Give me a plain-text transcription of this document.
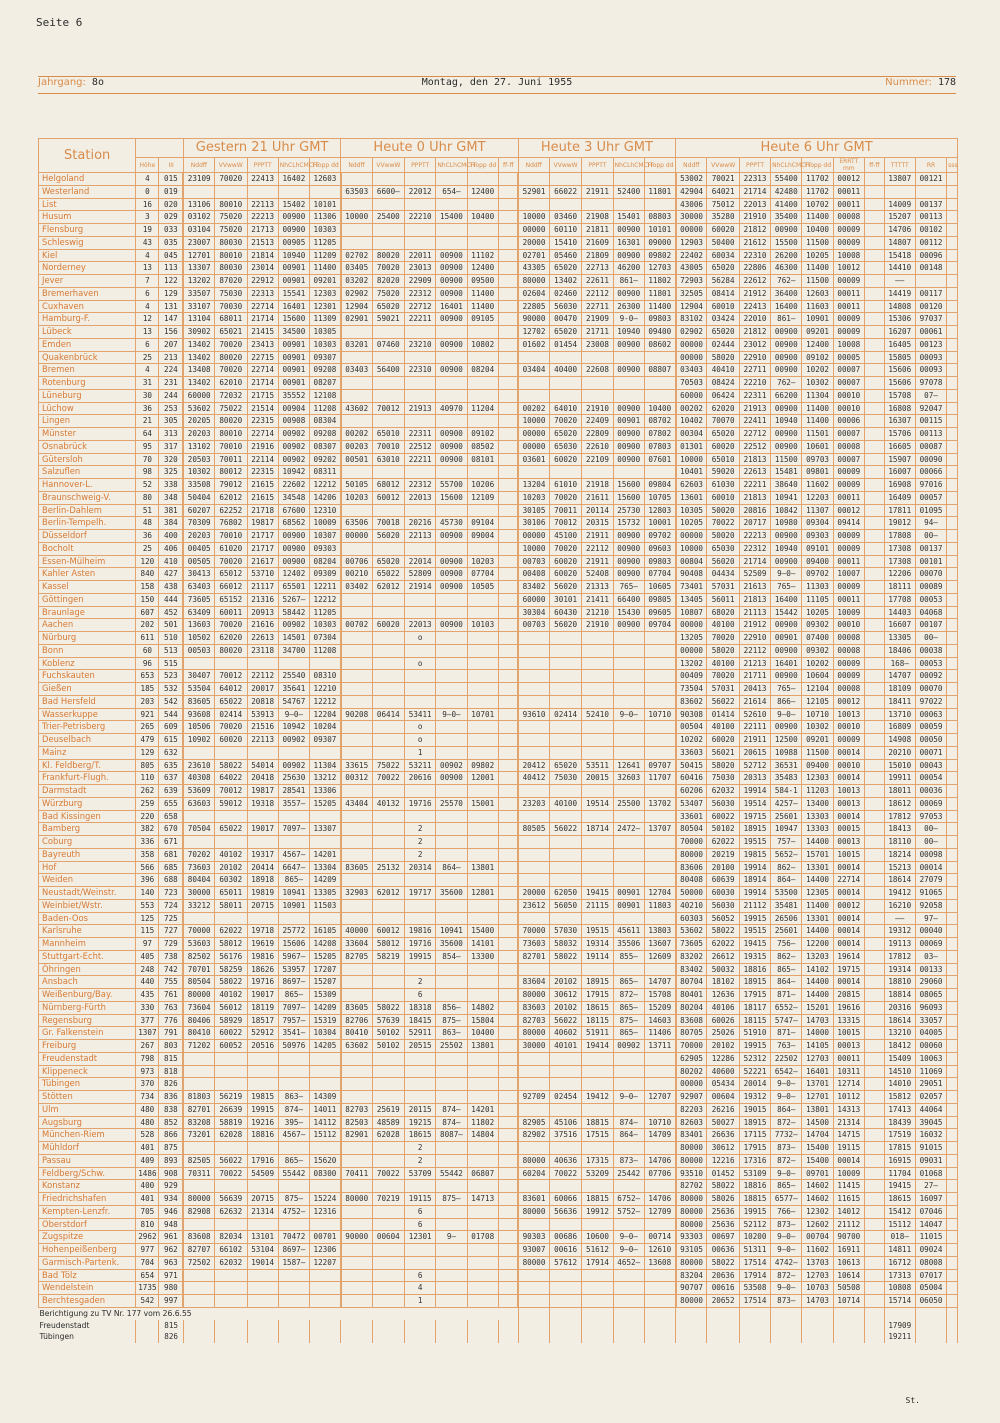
Seite 6
Jahrgang: 8o	Montag, den 27. Juni 1955	Nummer: 178
Station			Gestern 21 Uhr GMT					Heute 0 Uhr GMT						Heute 3 Uhr GMT					Heute 6 Uhr GMT									
	Höhe	III	Nddff	VVwwW	PPPTT	NhCLhCMCH	TTopp dd	Nddff	VVwwW	PPPTT	NhCLhCMCH	TTopp dd	ff-ff	Nddff	VVwwW	PPPTT	NhCLhCMCH	TTopp dd	Nddff	VVwwW	PPPTT	NhCLhCMCH	TTopp dd	ERRTT mm	ff-ff	TTTTT	RR	sss
Helgoland	4	015	23109	70020	22413	16402	12603												53002	70021	22313	55400	11702	00012		13807	00121	
Westerland	0	019						63503	6600—	22012	654—	12400		52901	66022	21911	52400	11801	42904	64021	21714	42480	11702	00011				
List	16	020	13106	80010	22113	15402	10101												43006	75012	22013	41400	10702	00011		14009	00137	
Husum	3	029	03102	75020	22213	00900	11306	10000	25400	22210	15400	10400		10000	03460	21908	15401	08803	30000	35280	21910	35400	11400	00008		15207	00113	
Flensburg	19	033	03104	75020	21713	00900	10303							00000	60110	21811	00900	10101	00000	60020	21812	00900	10400	00009		14706	00102	
Schleswig	43	035	23007	80030	21513	00905	11205							20000	15410	21609	16301	09000	12903	50400	21612	15500	11500	00009		14807	00112	
Kiel	4	045	12701	80010	21814	10940	11209	02702	80020	22011	00900	11102		02701	05460	21809	00900	09802	22402	60034	22310	26200	10205	10008		15418	00096	
Norderney	13	113	13307	80030	23014	00901	11400	03405	70020	23013	00900	12400		43305	65020	22713	46200	12703	43005	65020	22806	46300	11400	10012		14410	00148	
Jever	7	122	13202	87020	22912	00901	09201	03202	82020	22909	00900	09500		80000	13402	22611	861—	11802	72903	56284	22612	762—	11500	00009		——		
Bremerhaven	6	129	33507	75030	22313	15541	12303	02902	75020	22312	00900	11400		02604	02460	22112	00900	11801	32505	08414	21912	36400	12603	00011		14419	00117	
Cuxhaven	4	131	33107	70030	22714	16401	12301	12904	65020	22712	16401	11400		22805	56030	22711	26300	11400	12904	60010	22413	16400	11603	00011		14808	00120	
Hamburg-F.	12	147	13104	68011	21714	15600	11309	02901	59021	22211	00900	09105		90000	00470	21909	9-0—	09803	83102	03424	22010	861—	10901	00009		15306	97037	
Lübeck	13	156	30902	65021	21415	34500	10305							12702	65020	21711	10940	09400	02902	65020	21812	00900	09201	00009		16207	00061	
Emden	6	207	13402	70020	23413	00901	10303	03201	07460	23210	00900	10802		01602	01454	23008	00900	08602	00000	02444	23012	00900	12400	10008		16405	00123	
Quakenbrück	25	213	13402	80020	22715	00901	09307												00000	58020	22910	00900	09102	00005		15805	00093	
Bremen	4	224	13408	70020	22714	00901	09208	03403	56400	22310	00900	08204		03404	40400	22608	00900	08807	03403	40410	22711	00900	10202	00007		15606	00093	
Rotenburg	31	231	13402	62010	21714	00901	08207												70503	08424	22210	762—	10302	00007		15606	97078	
Lüneburg	30	244	60000	72032	21715	35552	12108												60000	06424	22311	66200	11304	00010		15708	07—	
Lüchow	36	253	53602	75022	21514	00904	11208	43602	70012	21913	40970	11204		00202	64010	21910	00900	10400	00202	62020	21913	00900	11400	00010		16808	92047	
Lingen	21	305	20205	80020	22315	00908	08304							10000	70020	22409	00901	08702	10402	70070	22411	10940	11400	00006		16307	00115	
Münster	64	313	20203	80010	22714	00902	09208	00202	65010	22311	00900	09102		00000	65020	22809	00900	07802	00304	65020	22712	00900	11501	00007		15706	00113	
Osnabrück	95	317	13102	70010	21916	00902	08307	00203	70010	22512	00900	08502		00000	65030	22610	00900	07803	01301	60020	22512	00900	10601	00008		16605	00087	
Gütersloh	70	320	20503	70011	22114	00902	09202	00501	63010	22211	00900	08101		03601	60020	22109	00900	07601	10000	65010	21813	11500	09703	00007		15907	00090	
Salzuflen	98	325	10302	80012	22315	10942	08311												10401	59020	22613	15481	09801	00009		16007	00066	
Hannover-L.	52	338	33508	79012	21615	22602	12212	50105	68012	22312	55700	10206		13204	61010	21918	15600	09804	62603	61030	22211	38640	11602	00009		16908	97016	
Braunschweig-V.	80	348	50404	62012	21615	34548	14206	10203	60012	22013	15600	12109		10203	70020	21611	15600	10705	13601	60010	21813	10941	12203	00011		16409	00057	
Berlin-Dahlem	51	381	60207	62252	21718	67600	12310							30105	70011	20114	25730	12803	10305	50020	20816	10842	11307	00012		17811	01095	
Berlin-Tempelh.	48	384	70309	76802	19817	68562	10009	63506	70018	20216	45730	09104		30106	70012	20315	15732	10001	10205	70022	20717	10980	09304	09414		19012	94—	
Düsseldorf	36	400	20203	70010	21717	00900	10307	00000	56020	22113	00900	09004		00000	45100	21911	00900	09702	00000	50020	22213	00900	09303	00009		17808	00—	
Bocholt	25	406	00405	61020	21717	00900	09303							10000	70020	22112	00900	09603	10000	65030	22312	10940	09101	00009		17308	00137	
Essen-Mülheim	120	410	00505	70020	21617	00900	08204	00706	65020	22014	00900	10203		00703	60020	21911	00900	09803	00804	56020	21714	00900	09400	00011		17308	00101	
Kahler Asten	840	427	30413	65012	53710	12402	09309	00210	65022	52809	00900	07704		00408	60020	52408	00900	07704	90408	04434	52509	9—0—	09702	10007		12206	00070	
Kassel	158	438	63403	66012	21117	65501	12211	03402	62012	21914	00900	10505		83402	56020	21313	765—	10605	73401	57031	21613	765—	11303	00009		18111	00089	
Göttingen	150	444	73605	65152	21316	5267—	12212							60000	30101	21411	66400	09805	13405	56011	21813	16400	11105	00011		17708	00053	
Braunlage	607	452	63409	60011	20913	58442	11205							30304	60430	21210	15430	09605	10807	68020	21113	15442	10205	10009		14403	04068	
Aachen	202	501	13603	70020	21616	00902	10303	00702	60020	22013	00900	10103		00703	56020	21910	00900	09704	00000	40100	21912	00900	09302	00010		16607	00107	
Nürburg	611	510	10502	62020	22613	14501	07304			o									13205	70020	22910	00901	07400	00008		13305	00—	
Bonn	60	513	00503	80020	23118	34700	11208												00000	58020	22112	00900	09302	00008		18406	00038	
Koblenz	96	515								o									13202	40100	21213	16401	10202	00009		168—	00053	
Fuchskauten	653	523	30407	70012	22112	25540	08310												00409	70020	21711	00900	10604	00009		14707	00092	
Gießen	185	532	53504	64012	20017	35641	12210												73504	57031	20413	765—	12104	00008		18109	00070	
Bad Hersfeld	203	542	83605	65022	20818	54767	12212												83602	56022	21614	866—	12105	00012		18411	97022	
Wasserkuppe	921	544	93608	02414	53913	9—0—	12204	90208	06414	53411	9—0—	10701		93610	02414	52410	9—0—	10710	90308	01414	52610	9—0—	10710	10013		13710	00063	
Trier-Petrisberg	265	609	10506	70020	21516	10942	10204			o									00504	40100	22111	00900	10302	00010		16809	00059	
Deuselbach	479	615	10902	60020	22113	00902	09307			o									10202	60020	21911	12500	09201	00009		14908	00050	
Mainz	129	632								1									33603	56021	20615	10988	11500	00014		20210	00071	
Kl. Feldberg/T.	805	635	23610	58022	54014	00902	11304	33615	75022	53211	00902	09802		20412	65020	53511	12641	09707	50415	58020	52712	36531	09400	00010		15010	00043	
Frankfurt-Flugh.	110	637	40308	64022	20418	25630	13212	00312	70022	20616	00900	12001		40412	75030	20015	32603	11707	60416	75030	20313	35483	12303	00014		19911	00054	
Darmstadt	262	639	53609	70012	19817	28541	13306												60206	62032	19914	584-1	11203	10013		18011	00036	
Würzburg	259	655	63603	59012	19318	3557—	15205	43404	40132	19716	25570	15001		23203	40100	19514	25500	13702	53407	56030	19514	4257—	13400	00013		18612	00069	
Bad Kissingen	220	658																	33601	60022	19715	25601	13303	00014		17812	97053	
Bamberg	382	670	70504	65022	19017	7097—	13307			2				80505	56022	18714	2472—	13707	80504	50102	18915	10947	13303	00015		18413	00—	
Coburg	336	671								2									70000	62022	19515	757—	14400	00013		18110	00—	
Bayreuth	358	681	70202	40102	19317	4567—	14201			2									80000	20219	19815	5652—	15701	10015		18214	00098	
Hof	566	685	73603	20102	20414	6647—	13304	83605	25132	20314	864—	13801							83606	20100	19914	862—	13301	00014		15213	00014	
Weiden	396	688	80404	60302	18918	865—	14209												80408	60639	18914	864—	14400	22714		18614	27079	
Neustadt/Weinstr.	140	723	30000	65011	19819	10941	13305	32903	62012	19717	35600	12801		20000	62050	19415	00901	12704	50000	60030	19914	53500	12305	00014		19412	91065	
Weinbiet/Wstr.	553	724	33212	58011	20715	10901	11503							23612	56050	21115	00901	11803	40210	56030	21112	35481	11400	00012		16210	92058	
Baden-Oos	125	725																	60303	56052	19915	26506	13301	00014		——	97—	
Karlsruhe	115	727	70000	62022	19718	25772	16105	40000	60012	19816	10941	15400		70000	57030	19515	45611	13803	53602	58022	19515	25601	14400	00014		19312	00040	
Mannheim	97	729	53603	58012	19619	15606	14208	33604	58012	19716	35600	14101		73603	58032	19314	35506	13607	73605	62022	19415	756—	12200	00014		19113	00069	
Stuttgart-Echt.	405	738	82502	56176	19816	5967—	15205	82705	58219	19915	854—	13300		82701	58022	19114	855—	12609	83202	26612	19315	862—	13203	19614		17812	03—	
Öhringen	248	742	70701	58259	18626	53957	17207												83402	50032	18816	865—	14102	19715		19314	00133	
Ansbach	440	755	80504	58022	19716	8697—	15207			2				83604	20102	18915	865—	14707	80704	18102	18915	864—	14400	00014		18810	29060	
Weißenburg/Bay.	435	761	80000	40102	19017	865—	15309			6				80000	30612	17915	872—	15708	80401	12636	17915	871—	14400	20815		18814	08065	
Nürnberg-Fürth	330	763	73604	56012	18119	7097—	14209	83605	58022	18318	856—	14802		83603	20102	18615	865—	15209	80204	40106	18117	6552—	15201	19616		20316	96093	
Regensburg	377	776	80406	58929	18517	7957—	15319	82706	57639	18415	875—	15804		82703	56022	18115	875—	14603	83608	60026	18115	5747—	14703	13315		18614	33057	
Gr. Falkenstein	1307	791	80410	60022	52912	3541—	10304	80410	50102	52911	863—	10400		80000	40602	51911	865—	11406	80705	25026	51910	871—	14000	10015		13210	04005	
Freiburg	267	803	71202	60052	20516	50976	14205	63602	50102	20515	25502	13801		30000	40101	19414	00902	13711	70000	20102	19915	763—	14105	00013		18412	00060	
Freudenstadt	798	815																	62905	12286	52312	22502	12703	00011		15409	10063	
Klippeneck	973	818																	80202	40600	52221	6542—	16401	10311		14510	11069	
Tübingen	370	826																	00000	05434	20014	9—0—	13701	12714		14010	29051	
Stötten	734	836	81803	56219	19815	863—	14309							92709	02454	19412	9—0—	12707	92907	00604	19312	9—0—	12701	10112		15812	02057	
Ulm	480	838	82701	26639	19915	874—	14011	82703	25619	20115	874—	14201							82203	26216	19015	864—	13801	14313		17413	44064	
Augsburg	480	852	83208	58819	19216	395—	14112	82503	48589	19215	874—	11802		82905	45106	18815	874—	10710	82603	50027	18915	872—	14500	21314		18439	39045	
München-Riem	528	866	73201	62028	18816	4567—	15112	82901	62028	18615	8087—	14804		82902	37516	17515	864—	14709	83401	26636	17115	7732—	14704	14715		17519	16032	
Mühldorf	401	875								2									80000	30612	17915	873—	15400	19115		17815	91015	
Passau	409	893	82505	56022	17916	865—	15620			2				80000	40636	17315	873—	14706	80000	12216	17316	872—	15400	00014		16915	09031	
Feldberg/Schw.	1486	908	70311	70022	54509	55442	08300	70411	70022	53709	55442	06807		60204	70022	53209	25442	07706	93510	01452	53109	9—0—	09701	10009		11704	01068	
Konstanz	400	929																	82702	58022	18816	865—	14602	11415		19415	27—	
Friedrichshafen	401	934	80000	56639	20715	875—	15224	80000	70219	19115	875—	14713		83601	60066	18815	6752—	14706	80000	58026	18815	6577—	14602	11615		18615	16097	
Kempten-Lenzfr.	705	946	82908	62632	21314	4752—	12316			6				80000	56636	19912	5752—	12709	80000	25636	19915	766—	12302	14012		15412	07046	
Oberstdorf	810	948								6									80000	25636	52112	873—	12602	21112		15112	14047	
Zugspitze	2962	961	83608	82034	13101	70472	00701	90000	00604	12301	9—	01708		90303	00686	10600	9—0—	00714	93303	00697	10200	9—0—	00704	90700		018—	11015	
Hohenpeißenberg	977	962	82707	66102	53104	8697—	12306							93007	00616	51612	9—0—	12610	93105	00636	51311	9—0—	11602	16911		14811	09024	
Garmisch-Partenk.	704	963	72502	62032	19014	1587—	12207							80000	57612	17914	4652—	13608	80000	58022	17514	4742—	13703	10613		16712	08008	
Bad Tölz	654	971								6									83204	20636	17914	872—	12703	10614		17313	07017	
Wendelstein	1735	980								4									90707	00616	53508	9—0—	10703	50508		10808	05004	
Berchtesgaden	542	997								1									80000	20652	17514	873—	14703	10714		15714	06050	
Berichtigung zu TV Nr. 177 vom 26.6.55																												
Freudenstadt		815																								17909		
Tübingen		826																								19211		
St.
